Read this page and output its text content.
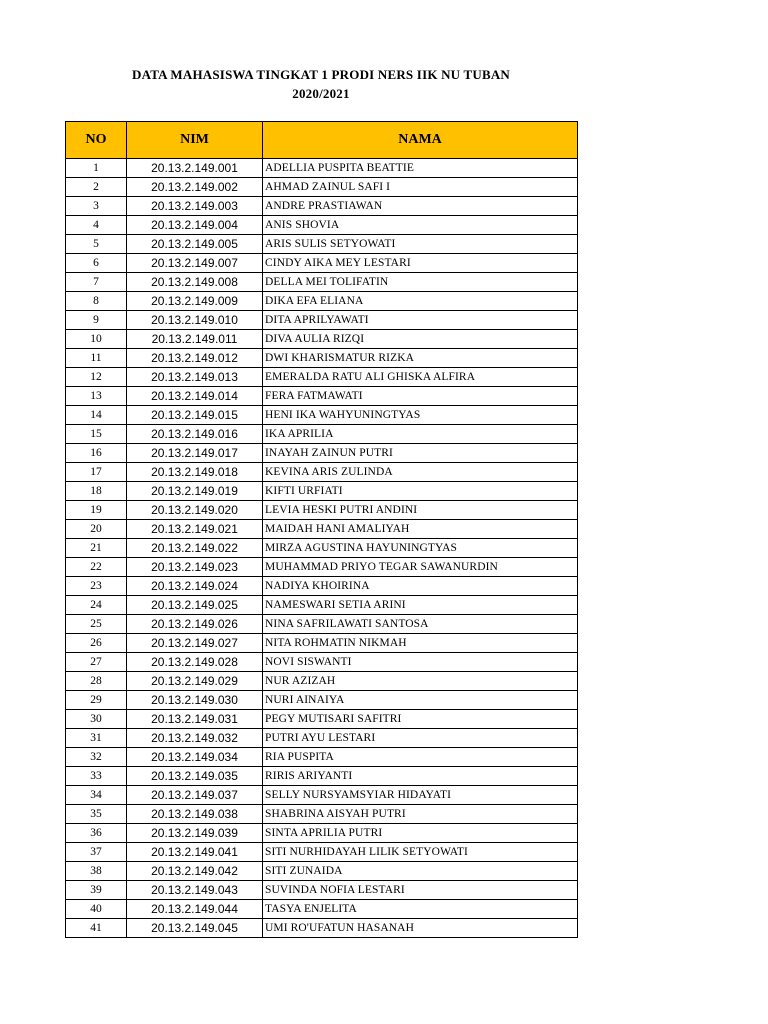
DATA MAHASISWA TINGKAT 1 PRODI NERS IIK NU TUBAN
2020/2021
NO	NIM	NAMA
1	20.13.2.149.001	ADELLIA PUSPITA BEATTIE
2	20.13.2.149.002	AHMAD ZAINUL SAFI I
3	20.13.2.149.003	ANDRE PRASTIAWAN
4	20.13.2.149.004	ANIS SHOVIA
5	20.13.2.149.005	ARIS SULIS SETYOWATI
6	20.13.2.149.007	CINDY AIKA MEY LESTARI
7	20.13.2.149.008	DELLA MEI TOLIFATIN
8	20.13.2.149.009	DIKA EFA ELIANA
9	20.13.2.149.010	DITA APRILYAWATI
10	20.13.2.149.011	DIVA AULIA RIZQI
11	20.13.2.149.012	DWI KHARISMATUR RIZKA
12	20.13.2.149.013	EMERALDA RATU ALI GHISKA ALFIRA
13	20.13.2.149.014	FERA FATMAWATI
14	20.13.2.149.015	HENI IKA WAHYUNINGTYAS
15	20.13.2.149.016	IKA APRILIA
16	20.13.2.149.017	INAYAH ZAINUN PUTRI
17	20.13.2.149.018	KEVINA ARIS ZULINDA
18	20.13.2.149.019	KIFTI URFIATI
19	20.13.2.149.020	LEVIA HESKI PUTRI ANDINI
20	20.13.2.149.021	MAIDAH HANI AMALIYAH
21	20.13.2.149.022	MIRZA AGUSTINA HAYUNINGTYAS
22	20.13.2.149.023	MUHAMMAD PRIYO TEGAR SAWANURDIN
23	20.13.2.149.024	NADIYA KHOIRINA
24	20.13.2.149.025	NAMESWARI SETIA ARINI
25	20.13.2.149.026	NINA SAFRILAWATI SANTOSA
26	20.13.2.149.027	NITA ROHMATIN NIKMAH
27	20.13.2.149.028	NOVI SISWANTI
28	20.13.2.149.029	NUR AZIZAH
29	20.13.2.149.030	NURI AINAIYA
30	20.13.2.149.031	PEGY MUTISARI SAFITRI
31	20.13.2.149.032	PUTRI AYU LESTARI
32	20.13.2.149.034	RIA PUSPITA
33	20.13.2.149.035	RIRIS ARIYANTI
34	20.13.2.149.037	SELLY NURSYAMSYIAR HIDAYATI
35	20.13.2.149.038	SHABRINA AISYAH PUTRI
36	20.13.2.149.039	SINTA APRILIA PUTRI
37	20.13.2.149.041	SITI NURHIDAYAH LILIK SETYOWATI
38	20.13.2.149.042	SITI ZUNAIDA
39	20.13.2.149.043	SUVINDA NOFIA LESTARI
40	20.13.2.149.044	TASYA ENJELITA
41	20.13.2.149.045	UMI RO'UFATUN HASANAH
